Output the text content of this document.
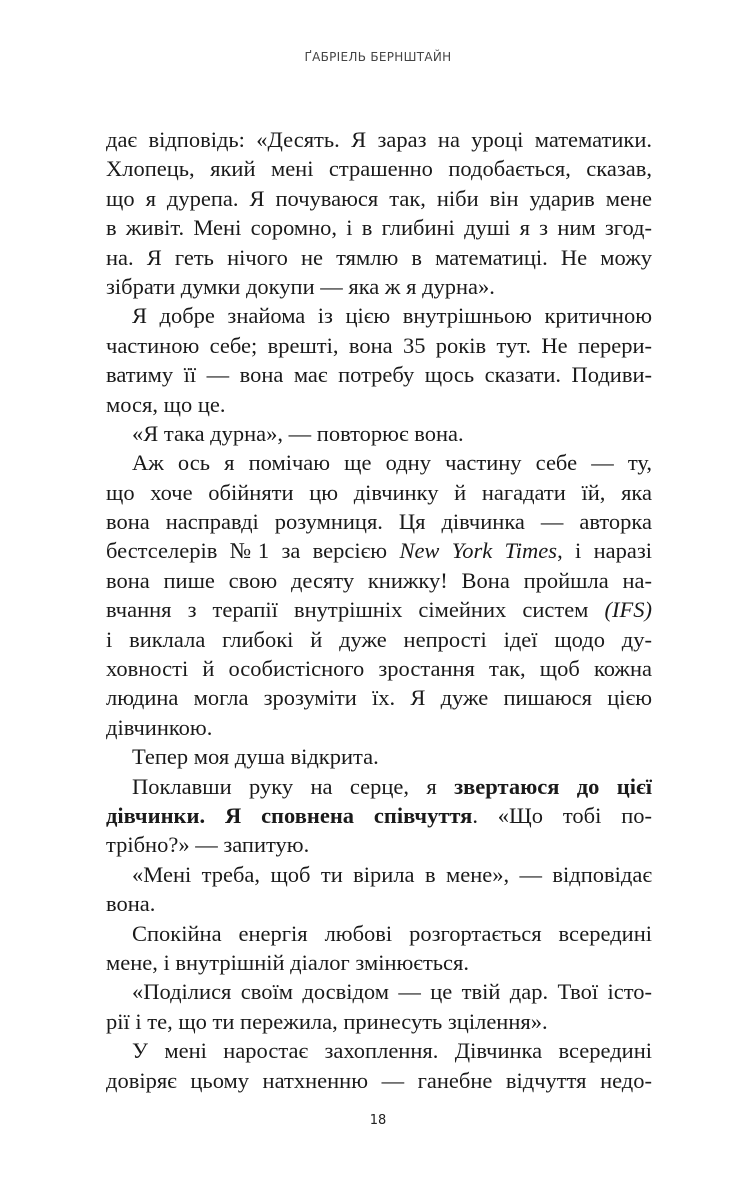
ҐАБРІЕЛЬ БЕРНШТАЙН
дає відповідь: «Десять. Я зараз на уроці математики.
Хлопець, який мені страшенно подобається, сказав,
що я дурепа. Я почуваюся так, ніби він ударив мене
в живіт. Мені соромно, і в глибині душі я з ним згод-
на. Я геть нічого не тямлю в математиці. Не можу
зібрати думки докупи — яка ж я дурна».
Я добре знайома із цією внутрішньою критичною
частиною себе; врешті, вона 35 років тут. Не перери-
ватиму її — вона має потребу щось сказати. Подиви-
мося, що це.
«Я така дурна», — повторює вона.
Аж ось я помічаю ще одну частину себе — ту,
що хоче обійняти цю дівчинку й нагадати їй, яка
вона насправді розумниця. Ця дівчинка — авторка
бестселерів №1 за версією New York Times, і наразі
вона пише свою десяту книжку! Вона пройшла на-
вчання з терапії внутрішніх сімейних систем (IFS)
і виклала глибокі й дуже непрості ідеї щодо ду-
ховності й особистісного зростання так, щоб кожна
людина могла зрозуміти їх. Я дуже пишаюся цією
дівчинкою.
Тепер моя душа відкрита.
Поклавши руку на серце, я звертаюся до цієї
дівчинки. Я сповнена співчуття. «Що тобі по-
трібно?» — запитую.
«Мені треба, щоб ти вірила в мене», — відповідає
вона.
Спокійна енергія любові розгортається всередині
мене, і внутрішній діалог змінюється.
«Поділися своїм досвідом — це твій дар. Твої істо-
рії і те, що ти пережила, принесуть зцілення».
У мені наростає захоплення. Дівчинка всередині
довіряє цьому натхненню — ганебне відчуття недо-
18
